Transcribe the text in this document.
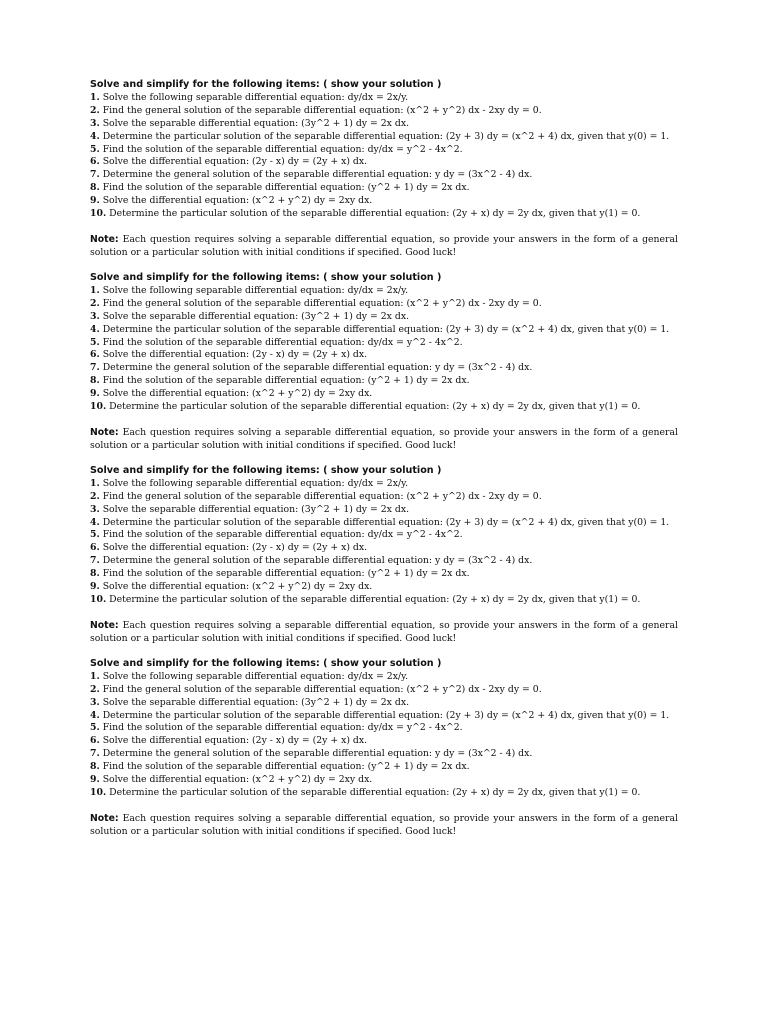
Solve and simplify for the following items: ( show your solution )
1. Solve the following separable differential equation: dy/dx = 2x/y.
2. Find the general solution of the separable differential equation: (x^2 + y^2) dx - 2xy dy = 0.
3. Solve the separable differential equation: (3y^2 + 1) dy = 2x dx.
4. Determine the particular solution of the separable differential equation: (2y + 3) dy = (x^2 + 4) dx, given that y(0) = 1.
5. Find the solution of the separable differential equation: dy/dx = y^2 - 4x^2.
6. Solve the differential equation: (2y - x) dy = (2y + x) dx.
7. Determine the general solution of the separable differential equation: y dy = (3x^2 - 4) dx.
8. Find the solution of the separable differential equation: (y^2 + 1) dy = 2x dx.
9. Solve the differential equation: (x^2 + y^2) dy = 2xy dx.
10. Determine the particular solution of the separable differential equation: (2y + x) dy = 2y dx, given that y(1) = 0.
Note: Each question requires solving a separable differential equation, so provide your answers in the form of a general solution or a particular solution with initial conditions if specified. Good luck!
Solve and simplify for the following items: ( show your solution )
1. Solve the following separable differential equation: dy/dx = 2x/y.
2. Find the general solution of the separable differential equation: (x^2 + y^2) dx - 2xy dy = 0.
3. Solve the separable differential equation: (3y^2 + 1) dy = 2x dx.
4. Determine the particular solution of the separable differential equation: (2y + 3) dy = (x^2 + 4) dx, given that y(0) = 1.
5. Find the solution of the separable differential equation: dy/dx = y^2 - 4x^2.
6. Solve the differential equation: (2y - x) dy = (2y + x) dx.
7. Determine the general solution of the separable differential equation: y dy = (3x^2 - 4) dx.
8. Find the solution of the separable differential equation: (y^2 + 1) dy = 2x dx.
9. Solve the differential equation: (x^2 + y^2) dy = 2xy dx.
10. Determine the particular solution of the separable differential equation: (2y + x) dy = 2y dx, given that y(1) = 0.
Note: Each question requires solving a separable differential equation, so provide your answers in the form of a general solution or a particular solution with initial conditions if specified. Good luck!
Solve and simplify for the following items: ( show your solution )
1. Solve the following separable differential equation: dy/dx = 2x/y.
2. Find the general solution of the separable differential equation: (x^2 + y^2) dx - 2xy dy = 0.
3. Solve the separable differential equation: (3y^2 + 1) dy = 2x dx.
4. Determine the particular solution of the separable differential equation: (2y + 3) dy = (x^2 + 4) dx, given that y(0) = 1.
5. Find the solution of the separable differential equation: dy/dx = y^2 - 4x^2.
6. Solve the differential equation: (2y - x) dy = (2y + x) dx.
7. Determine the general solution of the separable differential equation: y dy = (3x^2 - 4) dx.
8. Find the solution of the separable differential equation: (y^2 + 1) dy = 2x dx.
9. Solve the differential equation: (x^2 + y^2) dy = 2xy dx.
10. Determine the particular solution of the separable differential equation: (2y + x) dy = 2y dx, given that y(1) = 0.
Note: Each question requires solving a separable differential equation, so provide your answers in the form of a general solution or a particular solution with initial conditions if specified. Good luck!
Solve and simplify for the following items: ( show your solution )
1. Solve the following separable differential equation: dy/dx = 2x/y.
2. Find the general solution of the separable differential equation: (x^2 + y^2) dx - 2xy dy = 0.
3. Solve the separable differential equation: (3y^2 + 1) dy = 2x dx.
4. Determine the particular solution of the separable differential equation: (2y + 3) dy = (x^2 + 4) dx, given that y(0) = 1.
5. Find the solution of the separable differential equation: dy/dx = y^2 - 4x^2.
6. Solve the differential equation: (2y - x) dy = (2y + x) dx.
7. Determine the general solution of the separable differential equation: y dy = (3x^2 - 4) dx.
8. Find the solution of the separable differential equation: (y^2 + 1) dy = 2x dx.
9. Solve the differential equation: (x^2 + y^2) dy = 2xy dx.
10. Determine the particular solution of the separable differential equation: (2y + x) dy = 2y dx, given that y(1) = 0.
Note: Each question requires solving a separable differential equation, so provide your answers in the form of a general solution or a particular solution with initial conditions if specified. Good luck!
